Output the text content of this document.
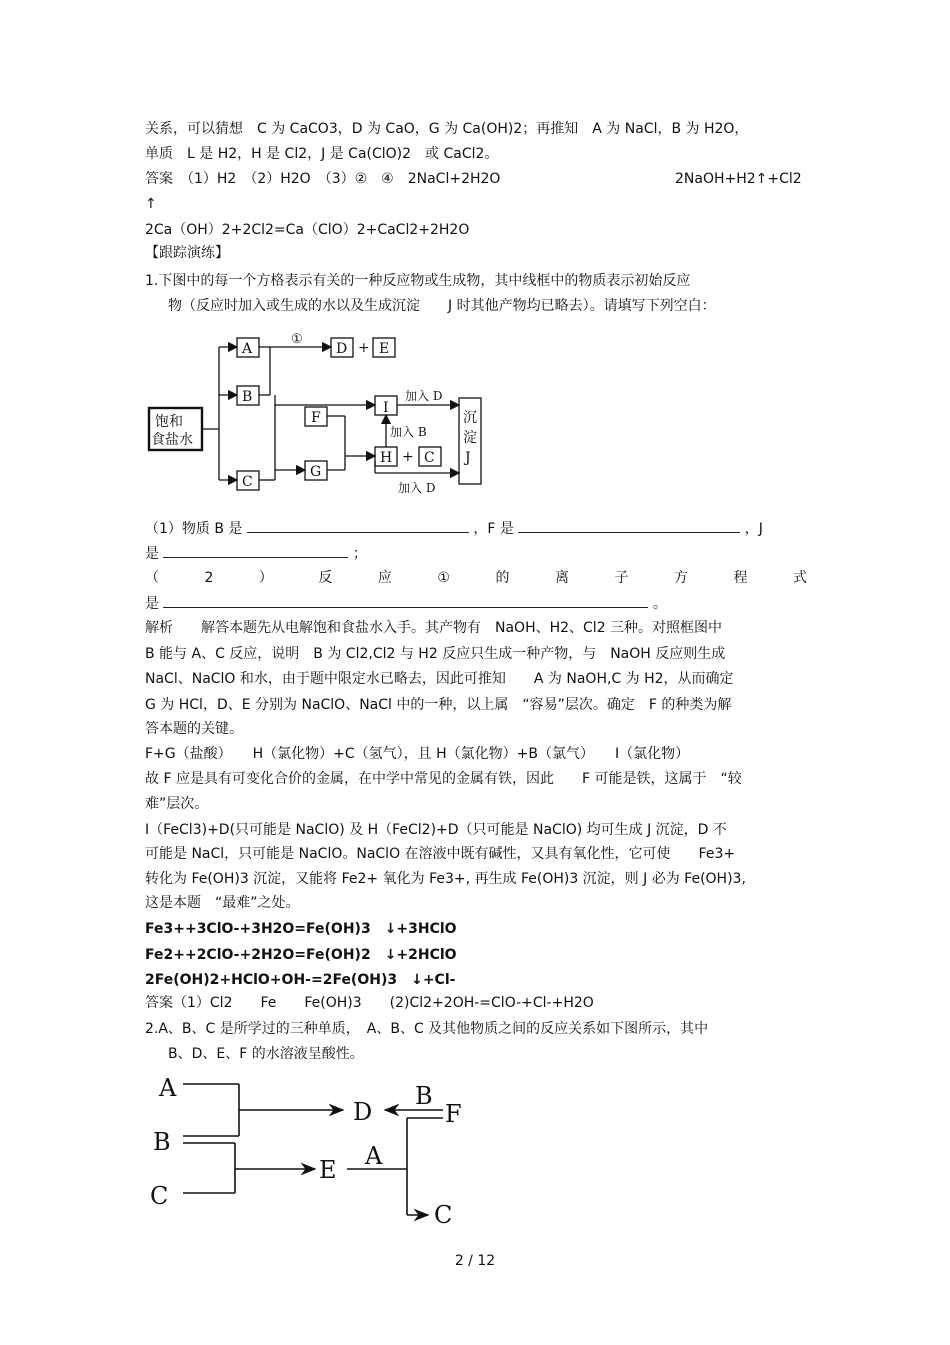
关系，可以猜想　C 为 CaCO3，D 为 CaO，G 为 Ca(OH)2；再推知　A 为 NaCl，B 为 H2O，
单质　L 是 H2，H 是 Cl2，J 是 Ca(ClO)2　或 CaCl2。
答案　（1）H2　（2）H2O　（3）②　④　2NaCl+2H2O	2NaOH+H2↑+Cl2
↑
2Ca（OH）2+2Cl2=Ca（ClO）2+CaCl2+2H2O
【跟踪演练】
1.下图中的每一个方格表示有关的一种反应物或生成物，其中线框中的物质表示初始反应
物（反应时加入或生成的水以及生成沉淀　　J 时其他产物均已略去）。请填写下列空白：
饱和
食盐水
A	D + E
①
B
F
I
加入 D
加入 B
H + C
G
C	加入 D
沉
淀
J
（1）物质 B 是	，F 是	，J
是	；
（	2	）	反	应	①	的	离	子	方	程	式
是	。
解析　　解答本题先从电解饱和食盐水入手。其产物有　NaOH、H2、Cl2 三种。对照框图中
B 能与 A、C 反应，说明　B 为 Cl2,Cl2 与 H2 反应只生成一种产物，与　NaOH 反应则生成
NaCl、NaClO 和水，由于题中限定水已略去，因此可推知　　A 为 NaOH,C 为 H2，从而确定
G 为 HCl，D、E 分别为 NaClO、NaCl 中的一种，以上属　“容易”层次。确定　F 的种类为解
答本题的关键。
F+G（盐酸）　　H（氯化物）+C（氢气），且 H（氯化物）+B（氯气）　　I（氯化物）
故 F 应是具有可变化合价的金属，在中学中常见的金属有铁，因此　　F 可能是铁，这属于　“较
难”层次。
I（FeCl3)+D(只可能是 NaClO) 及 H（FeCl2)+D（只可能是 NaClO) 均可生成 J 沉淀，D 不
可能是 NaCl，只可能是 NaClO。NaClO 在溶液中既有碱性，又具有氧化性，它可使　　Fe3+
转化为 Fe(OH)3 沉淀，又能将 Fe2+ 氧化为 Fe3+, 再生成 Fe(OH)3 沉淀，则 J 必为 Fe(OH)3,
这是本题　“最难”之处。
Fe3++3ClO-+3H2O=Fe(OH)3　↓+3HClO
Fe2++2ClO-+2H2O=Fe(OH)2　↓+2HClO
2Fe(OH)2+HClO+OH-=2Fe(OH)3　↓+Cl-
答案（1）Cl2　　Fe　　Fe(OH)3　　(2)Cl2+2OH-=ClO-+Cl-+H2O
2.A、B、C 是所学过的三种单质，　A、B、C 及其他物质之间的反应关系如下图所示，其中
B、D、E、F 的水溶液呈酸性。
A
B
C
D
B
F
E A
C
2 / 12
